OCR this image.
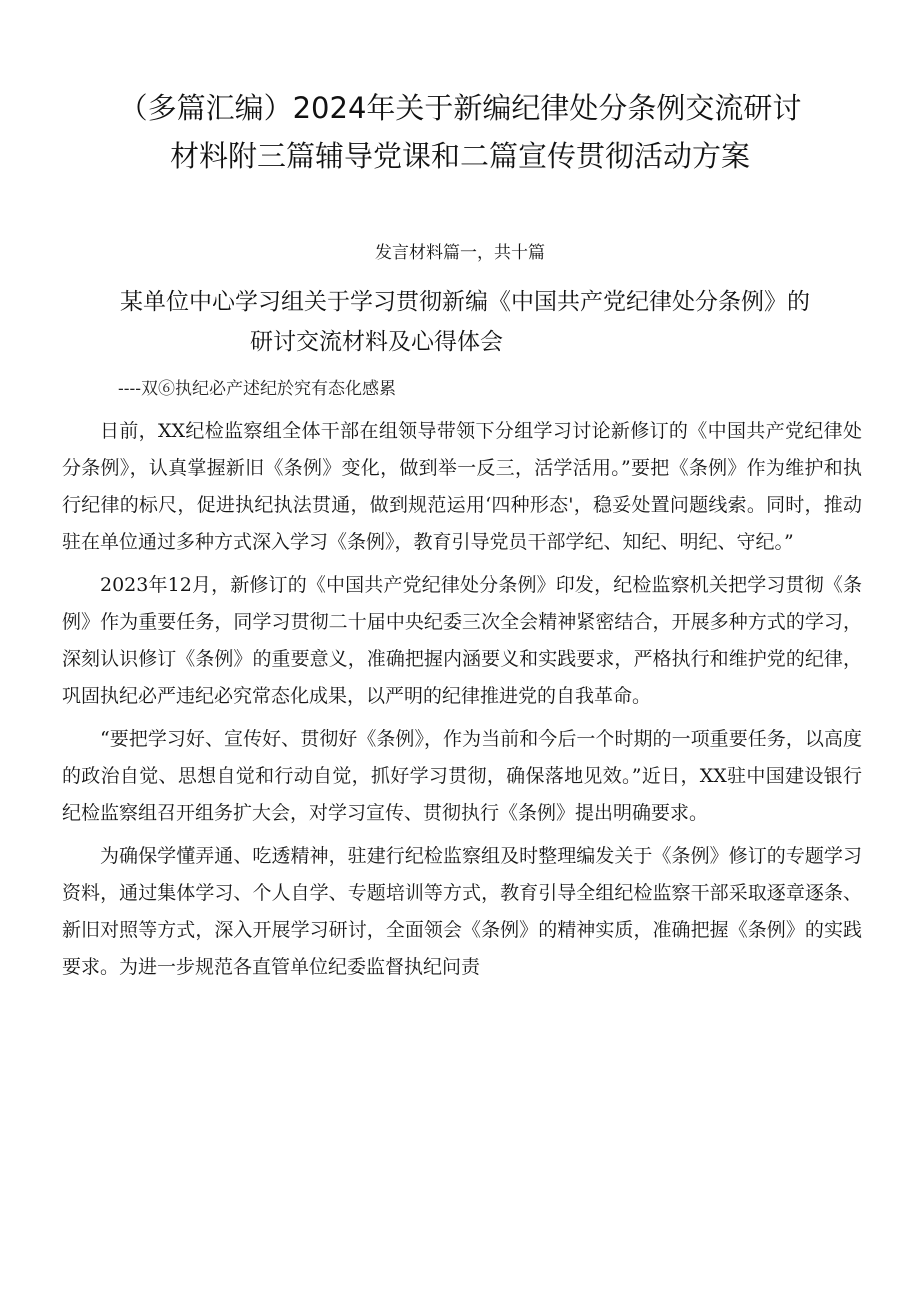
（多篇汇编）2024年关于新编纪律处分条例交流研讨
材料附三篇辅导党课和二篇宣传贯彻活动方案
发言材料篇一，共十篇
某单位中心学习组关于学习贯彻新编《中国共产党纪律处分条例》的
研讨交流材料及心得体会
----双⑥执纪必产述纪於究有态化感累

日前，XX纪检监察组全体干部在组领导带领下分组学习讨论新修订的《中国共产党纪律处分条例》，认真掌握新旧《条例》变化，做到举一反三，活学活用。”要把《条例》作为维护和执行纪律的标尺，促进执纪执法贯通，做到规范运用‘四种形态'，稳妥处置问题线索。同时，推动驻在单位通过多种方式深入学习《条例》，教育引导党员干部学纪、知纪、明纪、守纪。”

2023年12月，新修订的《中国共产党纪律处分条例》印发，纪检监察机关把学习贯彻《条例》作为重要任务，同学习贯彻二十届中央纪委三次全会精神紧密结合，开展多种方式的学习，深刻认识修订《条例》的重要意义，准确把握内涵要义和实践要求，严格执行和维护党的纪律，巩固执纪必严违纪必究常态化成果，以严明的纪律推进党的自我革命。

“要把学习好、宣传好、贯彻好《条例》，作为当前和今后一个时期的一项重要任务，以高度的政治自觉、思想自觉和行动自觉，抓好学习贯彻，确保落地见效。”近日，XX驻中国建设银行纪检监察组召开组务扩大会，对学习宣传、贯彻执行《条例》提出明确要求。

为确保学懂弄通、吃透精神，驻建行纪检监察组及时整理编发关于《条例》修订的专题学习资料，通过集体学习、个人自学、专题培训等方式，教育引导全组纪检监察干部采取逐章逐条、新旧对照等方式，深入开展学习研讨，全面领会《条例》的精神实质，准确把握《条例》的实践要求。为进一步规范各直管单位纪委监督执纪问责
